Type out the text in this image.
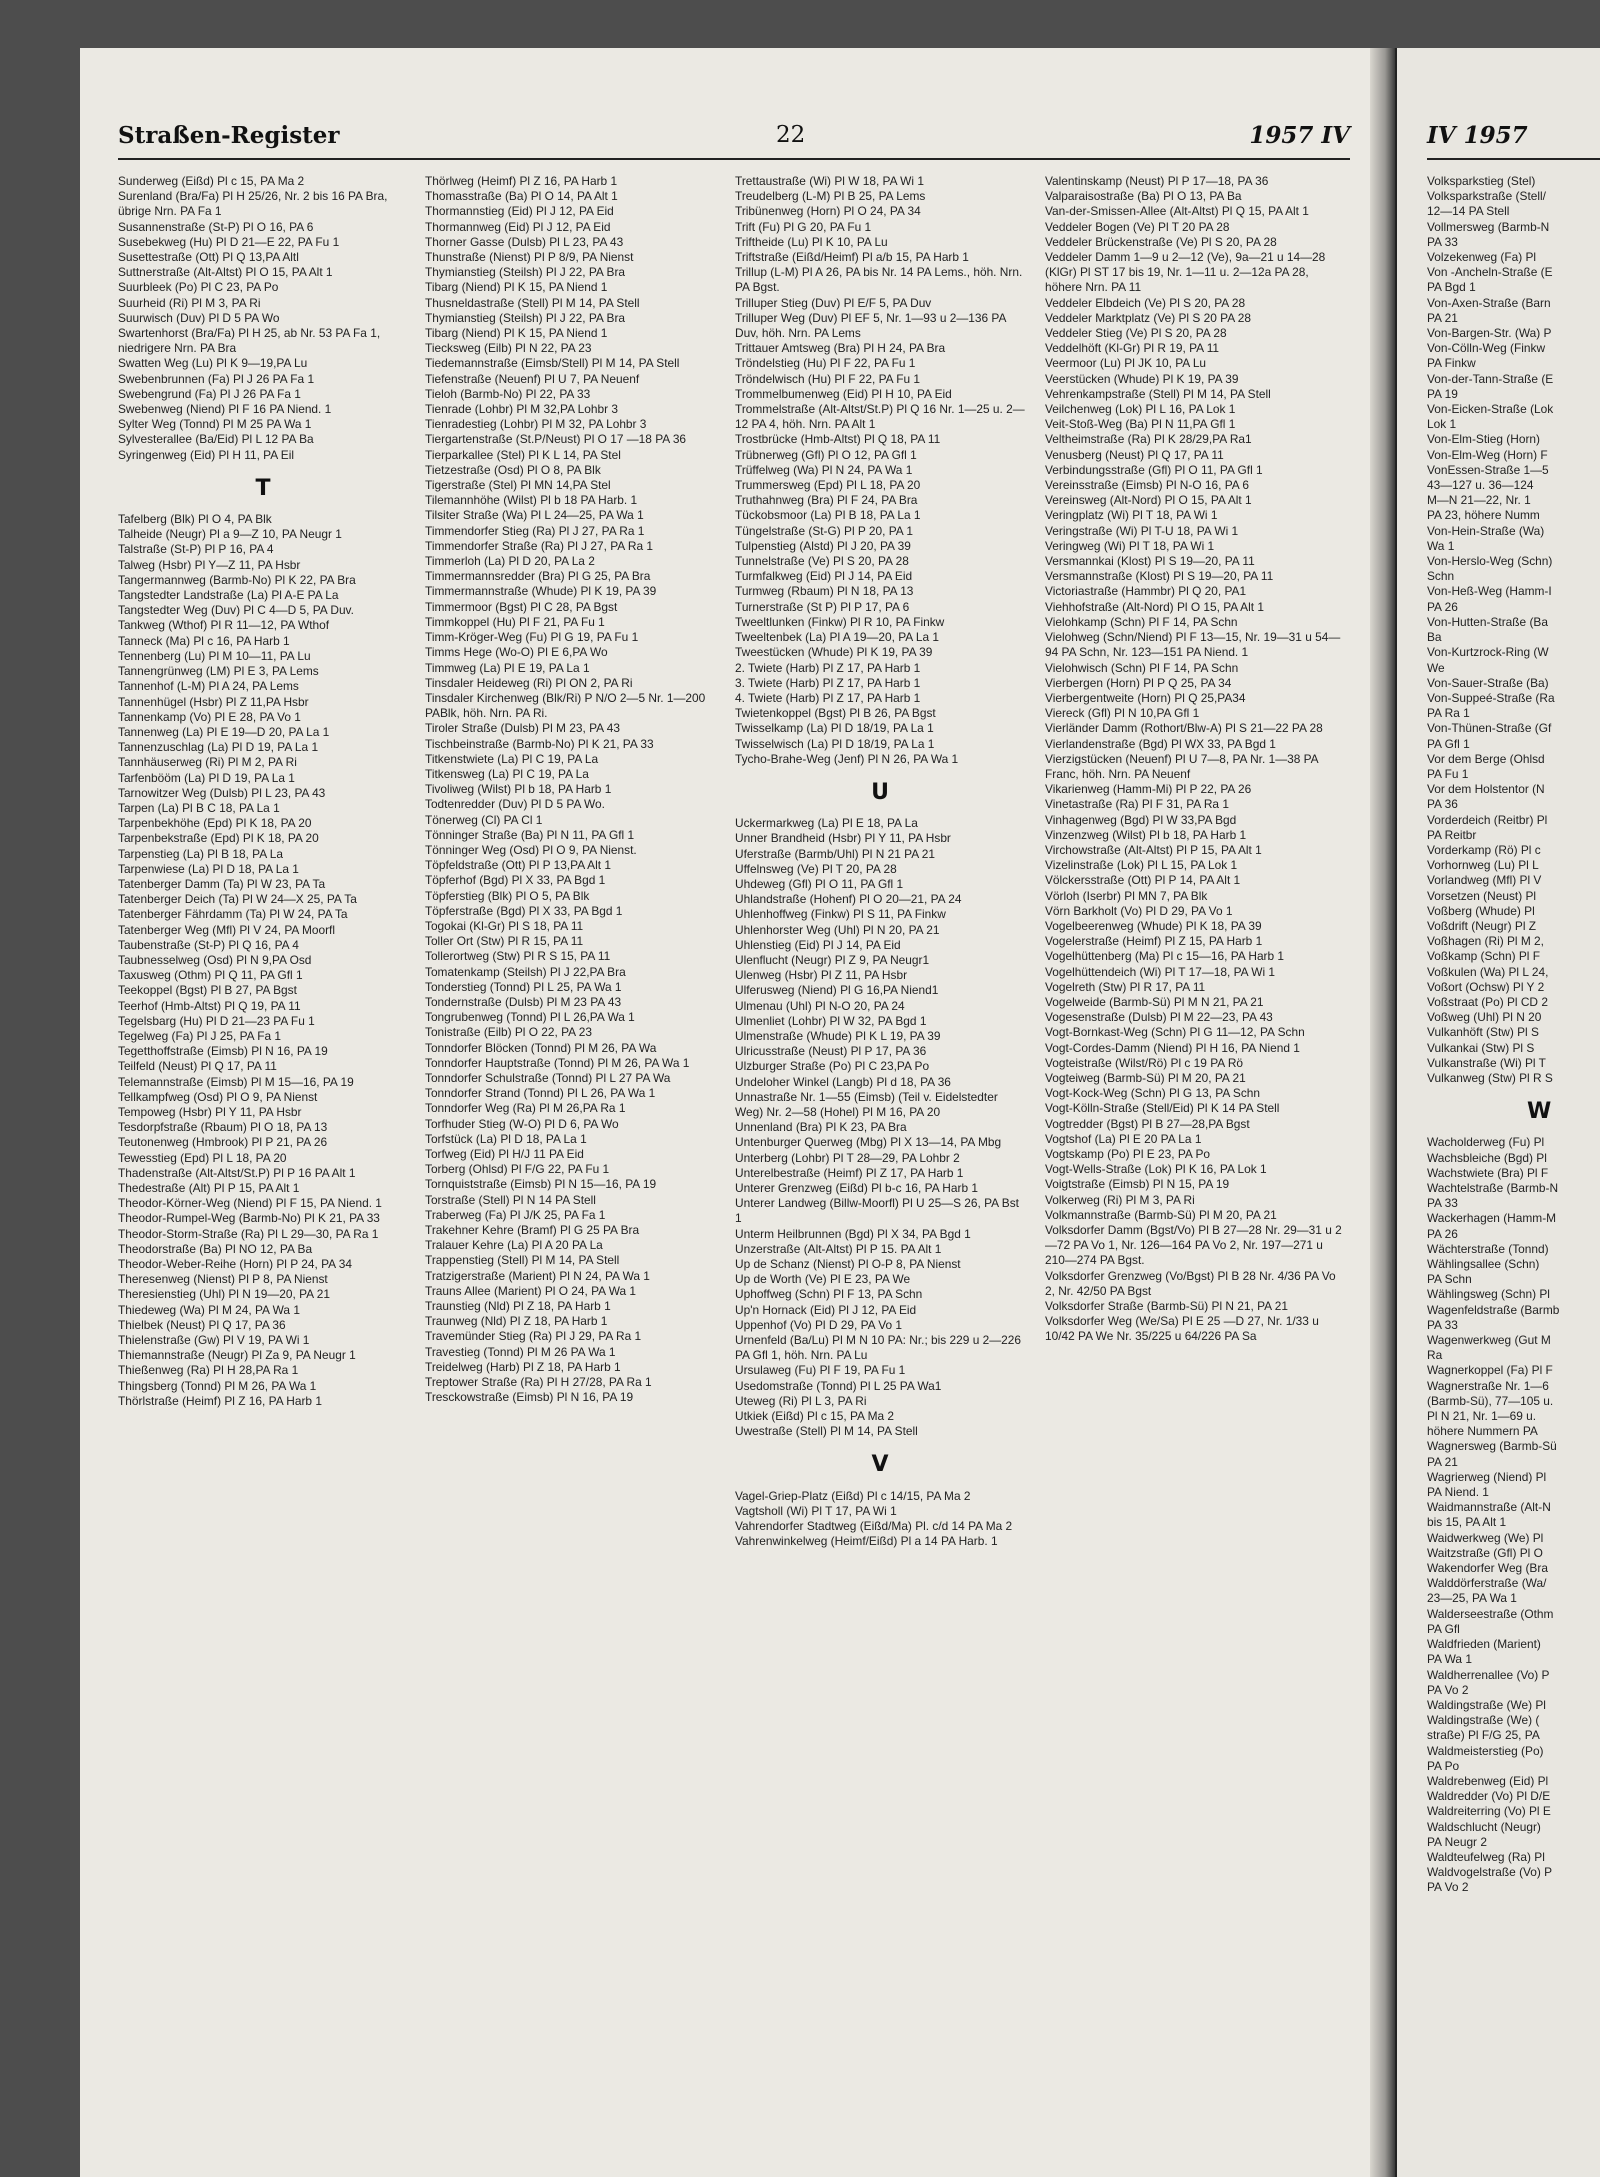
Straßen-Register	22	1957 IV
Sunderweg (Eißd) Pl c 15, PA Ma 2
Surenland (Bra/Fa) Pl H 25/26, Nr. 2 bis 16 PA Bra, übrige Nrn. PA Fa 1
Susannenstraße (St-P) Pl O 16, PA 6
Susebekweg (Hu) Pl D 21—E 22, PA Fu 1
Susettestraße (Ott) Pl Q 13,PA Altl
Suttnerstraße (Alt-Altst) Pl O 15, PA Alt 1
Suurbleek (Po) Pl C 23, PA Po
Suurheid (Ri) Pl M 3, PA Ri
Suurwisch (Duv) Pl D 5 PA Wo
Swartenhorst (Bra/Fa) Pl H 25, ab Nr. 53 PA Fa 1, niedrigere Nrn. PA Bra
Swatten Weg (Lu) Pl K 9—19,PA Lu
Swebenbrunnen (Fa) Pl J 26 PA Fa 1
Swebengrund (Fa) Pl J 26 PA Fa 1
Swebenweg (Niend) Pl F 16 PA Niend. 1
Sylter Weg (Tonnd) Pl M 25 PA Wa 1
Sylvesterallee (Ba/Eid) Pl L 12 PA Ba
Syringenweg (Eid) Pl H 11, PA Eil
T
Tafelberg (Blk) Pl O 4, PA Blk
Talheide (Neugr) Pl a 9—Z 10, PA Neugr 1
Talstraße (St-P) Pl P 16, PA 4
Talweg (Hsbr) Pl Y—Z 11, PA Hsbr
Tangermannweg (Barmb-No) Pl K 22, PA Bra
Tangstedter Landstraße (La) Pl A-E PA La
Tangstedter Weg (Duv) Pl C 4—D 5, PA Duv.
Tankweg (Wthof) Pl R 11—12, PA Wthof
Tanneck (Ma) Pl c 16, PA Harb 1
Tennenberg (Lu) Pl M 10—11, PA Lu
Tannengrünweg (LM) Pl E 3, PA Lems
Tannenhof (L-M) Pl A 24, PA Lems
Tannenhügel (Hsbr) Pl Z 11,PA Hsbr
Tannenkamp (Vo) Pl E 28, PA Vo 1
Tannenweg (La) Pl E 19—D 20, PA La 1
Tannenzuschlag (La) Pl D 19, PA La 1
Tannhäuserweg (Ri) Pl M 2, PA Ri
Tarfenbööm (La) Pl D 19, PA La 1
Tarnowitzer Weg (Dulsb) Pl L 23, PA 43
Tarpen (La) Pl B C 18, PA La 1
Tarpenbekhöhe (Epd) Pl K 18, PA 20
Tarpenbekstraße (Epd) Pl K 18, PA 20
Tarpenstieg (La) Pl B 18, PA La
Tarpenwiese (La) Pl D 18, PA La 1
Tatenberger Damm (Ta) Pl W 23, PA Ta
Tatenberger Deich (Ta) Pl W 24—X 25, PA Ta
Tatenberger Fährdamm (Ta) Pl W 24, PA Ta
Tatenberger Weg (Mfl) Pl V 24, PA Moorfl
Taubenstraße (St-P) Pl Q 16, PA 4
Taubnesselweg (Osd) Pl N 9,PA Osd
Taxusweg (Othm) Pl Q 11, PA Gfl 1
Teekoppel (Bgst) Pl B 27, PA Bgst
Teerhof (Hmb-Altst) Pl Q 19, PA 11
Tegelsbarg (Hu) Pl D 21—23 PA Fu 1
Tegelweg (Fa) Pl J 25, PA Fa 1
Tegetthoffstraße (Eimsb) Pl N 16, PA 19
Teilfeld (Neust) Pl Q 17, PA 11
Telemannstraße (Eimsb) Pl M 15—16, PA 19
Tellkampfweg (Osd) Pl O 9, PA Nienst
Tempoweg (Hsbr) Pl Y 11, PA Hsbr
Tesdorpfstraße (Rbaum) Pl O 18, PA 13
Teutonenweg (Hmbrook) Pl P 21, PA 26
Tewesstieg (Epd) Pl L 18, PA 20
Thadenstraße (Alt-Altst/St.P) Pl P 16 PA Alt 1
Thedestraße (Alt) Pl P 15, PA Alt 1
Theodor-Körner-Weg (Niend) Pl F 15, PA Niend. 1
Theodor-Rumpel-Weg (Barmb-No) Pl K 21, PA 33
Theodor-Storm-Straße (Ra) Pl L 29—30, PA Ra 1
Theodorstraße (Ba) Pl NO 12, PA Ba
Theodor-Weber-Reihe (Horn) Pl P 24, PA 34
Theresenweg (Nienst) Pl P 8, PA Nienst
Theresienstieg (Uhl) Pl N 19—20, PA 21
Thiedeweg (Wa) Pl M 24, PA Wa 1
Thielbek (Neust) Pl Q 17, PA 36
Thielenstraße (Gw) Pl V 19, PA Wi 1
Thiemannstraße (Neugr) Pl Za 9, PA Neugr 1
Thießenweg (Ra) Pl H 28,PA Ra 1
Thingsberg (Tonnd) Pl M 26, PA Wa 1
Thörlstraße (Heimf) Pl Z 16, PA Harb 1
Thörlweg (Heimf) Pl Z 16, PA Harb 1
Thomasstraße (Ba) Pl O 14, PA Alt 1
Thormannstieg (Eid) Pl J 12, PA Eid
Thormannweg (Eid) Pl J 12, PA Eid
Thorner Gasse (Dulsb) Pl L 23, PA 43
Thunstraße (Nienst) Pl P 8/9, PA Nienst
Thymianstieg (Steilsh) Pl J 22, PA Bra
Tibarg (Niend) Pl K 15, PA Niend 1
Thusneldastraße (Stell) Pl M 14, PA Stell
Thymianstieg (Steilsh) Pl J 22, PA Bra
Tibarg (Niend) Pl K 15, PA Niend 1
Tiecksweg (Eilb) Pl N 22, PA 23
Tiedemannstraße (Eimsb/Stell) Pl M 14, PA Stell
Tiefenstraße (Neuenf) Pl U 7, PA Neuenf
Tieloh (Barmb-No) Pl 22, PA 33
Tienrade (Lohbr) Pl M 32,PA Lohbr 3
Tienradestieg (Lohbr) Pl M 32, PA Lohbr 3
Tiergartenstraße (St.P/Neust) Pl O 17 —18 PA 36
Tierparkallee (Stel) Pl K L 14, PA Stel
Tietzestraße (Osd) Pl O 8, PA Blk
Tigerstraße (Stel) Pl MN 14,PA Stel
Tilemannhöhe (Wilst) Pl b 18 PA Harb. 1
Tilsiter Straße (Wa) Pl L 24—25, PA Wa 1
Timmendorfer Stieg (Ra) Pl J 27, PA Ra 1
Timmendorfer Straße (Ra) Pl J 27, PA Ra 1
Timmerloh (La) Pl D 20, PA La 2
Timmermannsredder (Bra) Pl G 25, PA Bra
Timmermannstraße (Whude) Pl K 19, PA 39
Timmermoor (Bgst) Pl C 28, PA Bgst
Timmkoppel (Hu) Pl F 21, PA Fu 1
Timm-Kröger-Weg (Fu) Pl G 19, PA Fu 1
Timms Hege (Wo-O) Pl E 6,PA Wo
Timmweg (La) Pl E 19, PA La 1
Tinsdaler Heideweg (Ri) Pl ON 2, PA Ri
Tinsdaler Kirchenweg (Blk/Ri) P N/O 2—5 Nr. 1—200 PABlk, höh. Nrn. PA Ri.
Tiroler Straße (Dulsb) Pl M 23, PA 43
Tischbeinstraße (Barmb-No) Pl K 21, PA 33
Titkenstwiete (La) Pl C 19, PA La
Titkensweg (La) Pl C 19, PA La
Tivoliweg (Wilst) Pl b 18, PA Harb 1
Todtenredder (Duv) Pl D 5 PA Wo.
Tönerweg (Cl) PA Cl 1
Tönninger Straße (Ba) Pl N 11, PA Gfl 1
Tönninger Weg (Osd) Pl O 9, PA Nienst.
Töpfeldstraße (Ott) Pl P 13,PA Alt 1
Töpferhof (Bgd) Pl X 33, PA Bgd 1
Töpferstieg (Blk) Pl O 5, PA Blk
Töpferstraße (Bgd) Pl X 33, PA Bgd 1
Togokai (Kl-Gr) Pl S 18, PA 11
Toller Ort (Stw) Pl R 15, PA 11
Tollerortweg (Stw) Pl R S 15, PA 11
Tomatenkamp (Steilsh) Pl J 22,PA Bra
Tonderstieg (Tonnd) Pl L 25, PA Wa 1
Tondernstraße (Dulsb) Pl M 23 PA 43
Tongrubenweg (Tonnd) Pl L 26,PA Wa 1
Tonistraße (Eilb) Pl O 22, PA 23
Tonndorfer Blöcken (Tonnd) Pl M 26, PA Wa
Tonndorfer Hauptstraße (Tonnd) Pl M 26, PA Wa 1
Tonndorfer Schulstraße (Tonnd) Pl L 27 PA Wa
Tonndorfer Strand (Tonnd) Pl L 26, PA Wa 1
Tonndorfer Weg (Ra) Pl M 26,PA Ra 1
Torfhuder Stieg (W-O) Pl D 6, PA Wo
Torfstück (La) Pl D 18, PA La 1
Torfweg (Eid) Pl H/J 11 PA Eid
Torberg (Ohlsd) Pl F/G 22, PA Fu 1
Tornquiststraße (Eimsb) Pl N 15—16, PA 19
Torstraße (Stell) Pl N 14 PA Stell
Traberweg (Fa) Pl J/K 25, PA Fa 1
Trakehner Kehre (Bramf) Pl G 25 PA Bra
Tralauer Kehre (La) Pl A 20 PA La
Trappenstieg (Stell) Pl M 14, PA Stell
Tratzigerstraße (Marient) Pl N 24, PA Wa 1
Trauns Allee (Marient) Pl O 24, PA Wa 1
Traunstieg (Nld) Pl Z 18, PA Harb 1
Traunweg (Nld) Pl Z 18, PA Harb 1
Travemünder Stieg (Ra) Pl J 29, PA Ra 1
Travestieg (Tonnd) Pl M 26 PA Wa 1
Treidelweg (Harb) Pl Z 18, PA Harb 1
Treptower Straße (Ra) Pl H 27/28, PA Ra 1
Tresckowstraße (Eimsb) Pl N 16, PA 19
Trettaustraße (Wi) Pl W 18, PA Wi 1
Treudelberg (L-M) Pl B 25, PA Lems
Tribünenweg (Horn) Pl O 24, PA 34
Trift (Fu) Pl G 20, PA Fu 1
Triftheide (Lu) Pl K 10, PA Lu
Triftstraße (Eißd/Heimf) Pl a/b 15, PA Harb 1
Trillup (L-M) Pl A 26, PA bis Nr. 14 PA Lems., höh. Nrn. PA Bgst.
Trilluper Stieg (Duv) Pl E/F 5, PA Duv
Trilluper Weg (Duv) Pl EF 5, Nr. 1—93 u 2—136 PA Duv, höh. Nrn. PA Lems
Trittauer Amtsweg (Bra) Pl H 24, PA Bra
Tröndelstieg (Hu) Pl F 22, PA Fu 1
Tröndelwisch (Hu) Pl F 22, PA Fu 1
Trommelbumenweg (Eid) Pl H 10, PA Eid
Trommelstraße (Alt-Altst/St.P) Pl Q 16 Nr. 1—25 u. 2—12 PA 4, höh. Nrn. PA Alt 1
Trostbrücke (Hmb-Altst) Pl Q 18, PA 11
Trübnerweg (Gfl) Pl O 12, PA Gfl 1
Trüffelweg (Wa) Pl N 24, PA Wa 1
Trummersweg (Epd) Pl L 18, PA 20
Truthahnweg (Bra) Pl F 24, PA Bra
Tückobsmoor (La) Pl B 18, PA La 1
Tüngelstraße (St-G) Pl P 20, PA 1
Tulpenstieg (Alstd) Pl J 20, PA 39
Tunnelstraße (Ve) Pl S 20, PA 28
Turmfalkweg (Eid) Pl J 14, PA Eid
Turmweg (Rbaum) Pl N 18, PA 13
Turnerstraße (St P) Pl P 17, PA 6
Tweeltlunken (Finkw) Pl R 10, PA Finkw
Tweeltenbek (La) Pl A 19—20, PA La 1
Tweestücken (Whude) Pl K 19, PA 39
2. Twiete (Harb) Pl Z 17, PA Harb 1
3. Twiete (Harb) Pl Z 17, PA Harb 1
4. Twiete (Harb) Pl Z 17, PA Harb 1
Twietenkoppel (Bgst) Pl B 26, PA Bgst
Twisselkamp (La) Pl D 18/19, PA La 1
Twisselwisch (La) Pl D 18/19, PA La 1
Tycho-Brahe-Weg (Jenf) Pl N 26, PA Wa 1
U
Uckermarkweg (La) Pl E 18, PA La
Unner Brandheid (Hsbr) Pl Y 11, PA Hsbr
Uferstraße (Barmb/Uhl) Pl N 21 PA 21
Uffelnsweg (Ve) Pl T 20, PA 28
Uhdeweg (Gfl) Pl O 11, PA Gfl 1
Uhlandstraße (Hohenf) Pl O 20—21, PA 24
Uhlenhoffweg (Finkw) Pl S 11, PA Finkw
Uhlenhorster Weg (Uhl) Pl N 20, PA 21
Uhlenstieg (Eid) Pl J 14, PA Eid
Ulenflucht (Neugr) Pl Z 9, PA Neugr1
Ulenweg (Hsbr) Pl Z 11, PA Hsbr
Ulferusweg (Niend) Pl G 16,PA Niend1
Ulmenau (Uhl) Pl N-O 20, PA 24
Ulmenliet (Lohbr) Pl W 32, PA Bgd 1
Ulmenstraße (Whude) Pl K L 19, PA 39
Ulricusstraße (Neust) Pl P 17, PA 36
Ulzburger Straße (Po) Pl C 23,PA Po
Undeloher Winkel (Langb) Pl d 18, PA 36
Unnastraße Nr. 1—55 (Eimsb) (Teil v. Eidelstedter Weg) Nr. 2—58 (Hohel) Pl M 16, PA 20
Unnenland (Bra) Pl K 23, PA Bra
Untenburger Querweg (Mbg) Pl X 13—14, PA Mbg
Unterberg (Lohbr) Pl T 28—29, PA Lohbr 2
Unterelbestraße (Heimf) Pl Z 17, PA Harb 1
Unterer Grenzweg (Eißd) Pl b-c 16, PA Harb 1
Unterer Landweg (Billw-Moorfl) Pl U 25—S 26, PA Bst 1
Unterm Heilbrunnen (Bgd) Pl X 34, PA Bgd 1
Unzerstraße (Alt-Altst) Pl P 15. PA Alt 1
Up de Schanz (Nienst) Pl O-P 8, PA Nienst
Up de Worth (Ve) Pl E 23, PA We
Uphoffweg (Schn) Pl F 13, PA Schn
Up'n Hornack (Eid) Pl J 12, PA Eid
Uppenhof (Vo) Pl D 29, PA Vo 1
Urnenfeld (Ba/Lu) Pl M N 10 PA: Nr.; bis 229 u 2—226 PA Gfl 1, höh. Nrn. PA Lu
Ursulaweg (Fu) Pl F 19, PA Fu 1
Usedomstraße (Tonnd) Pl L 25 PA Wa1
Uteweg (Ri) Pl L 3, PA Ri
Utkiek (Eißd) Pl c 15, PA Ma 2
Uwestraße (Stell) Pl M 14, PA Stell
V
Vagel-Griep-Platz (Eißd) Pl c 14/15, PA Ma 2
Vagtsholl (Wi) Pl T 17, PA Wi 1
Vahrendorfer Stadtweg (Eißd/Ma) Pl. c/d 14 PA Ma 2
Vahrenwinkelweg (Heimf/Eißd) Pl a 14 PA Harb. 1
Valentinskamp (Neust) Pl P 17—18, PA 36
Valparaisostraße (Ba) Pl O 13, PA Ba
Van-der-Smissen-Allee (Alt-Altst) Pl Q 15, PA Alt 1
Veddeler Bogen (Ve) Pl T 20 PA 28
Veddeler Brückenstraße (Ve) Pl S 20, PA 28
Veddeler Damm 1—9 u 2—12 (Ve), 9a—21 u 14—28 (KlGr) Pl ST 17 bis 19, Nr. 1—11 u. 2—12a PA 28, höhere Nrn. PA 11
Veddeler Elbdeich (Ve) Pl S 20, PA 28
Veddeler Marktplatz (Ve) Pl S 20 PA 28
Veddeler Stieg (Ve) Pl S 20, PA 28
Veddelhöft (Kl-Gr) Pl R 19, PA 11
Veermoor (Lu) Pl JK 10, PA Lu
Veerstücken (Whude) Pl K 19, PA 39
Vehrenkampstraße (Stell) Pl M 14, PA Stell
Veilchenweg (Lok) Pl L 16, PA Lok 1
Veit-Stoß-Weg (Ba) Pl N 11,PA Gfl 1
Veltheimstraße (Ra) Pl K 28/29,PA Ra1
Venusberg (Neust) Pl Q 17, PA 11
Verbindungsstraße (Gfl) Pl O 11, PA Gfl 1
Vereinsstraße (Eimsb) Pl N-O 16, PA 6
Vereinsweg (Alt-Nord) Pl O 15, PA Alt 1
Veringplatz (Wi) Pl T 18, PA Wi 1
Veringstraße (Wi) Pl T-U 18, PA Wi 1
Veringweg (Wi) Pl T 18, PA Wi 1
Versmannkai (Klost) Pl S 19—20, PA 11
Versmannstraße (Klost) Pl S 19—20, PA 11
Victoriastraße (Hammbr) Pl Q 20, PA1
Viehhofstraße (Alt-Nord) Pl O 15, PA Alt 1
Vielohkamp (Schn) Pl F 14, PA Schn
Vielohweg (Schn/Niend) Pl F 13—15, Nr. 19—31 u 54—94 PA Schn, Nr. 123—151 PA Niend. 1
Vielohwisch (Schn) Pl F 14, PA Schn
Vierbergen (Horn) Pl P Q 25, PA 34
Vierbergentweite (Horn) Pl Q 25,PA34
Viereck (Gfl) Pl N 10,PA Gfl 1
Vierländer Damm (Rothort/Blw-A) Pl S 21—22 PA 28
Vierlandenstraße (Bgd) Pl WX 33, PA Bgd 1
Vierzigstücken (Neuenf) Pl U 7—8, PA Nr. 1—38 PA Franc, höh. Nrn. PA Neuenf
Vikarienweg (Hamm-Mi) Pl P 22, PA 26
Vinetastraße (Ra) Pl F 31, PA Ra 1
Vinhagenweg (Bgd) Pl W 33,PA Bgd
Vinzenzweg (Wilst) Pl b 18, PA Harb 1
Virchowstraße (Alt-Altst) Pl P 15, PA Alt 1
Vizelinstraße (Lok) Pl L 15, PA Lok 1
Völckersstraße (Ott) Pl P 14, PA Alt 1
Vörloh (Iserbr) Pl MN 7, PA Blk
Vörn Barkholt (Vo) Pl D 29, PA Vo 1
Vogelbeerenweg (Whude) Pl K 18, PA 39
Vogelerstraße (Heimf) Pl Z 15, PA Harb 1
Vogelhüttenberg (Ma) Pl c 15—16, PA Harb 1
Vogelhüttendeich (Wi) Pl T 17—18, PA Wi 1
Vogelreth (Stw) Pl R 17, PA 11
Vogelweide (Barmb-Sü) Pl M N 21, PA 21
Vogesenstraße (Dulsb) Pl M 22—23, PA 43
Vogt-Bornkast-Weg (Schn) Pl G 11—12, PA Schn
Vogt-Cordes-Damm (Niend) Pl H 16, PA Niend 1
Vogteistraße (Wilst/Rö) Pl c 19 PA Rö
Vogteiweg (Barmb-Sü) Pl M 20, PA 21
Vogt-Kock-Weg (Schn) Pl G 13, PA Schn
Vogt-Kölln-Straße (Stell/Eid) Pl K 14 PA Stell
Vogtredder (Bgst) Pl B 27—28,PA Bgst
Vogtshof (La) Pl E 20 PA La 1
Vogtskamp (Po) Pl E 23, PA Po
Vogt-Wells-Straße (Lok) Pl K 16, PA Lok 1
Voigtstraße (Eimsb) Pl N 15, PA 19
Volkerweg (Ri) Pl M 3, PA Ri
Volkmannstraße (Barmb-Sü) Pl M 20, PA 21
Volksdorfer Damm (Bgst/Vo) Pl B 27—28 Nr. 29—31 u 2—72 PA Vo 1, Nr. 126—164 PA Vo 2, Nr. 197—271 u 210—274 PA Bgst.
Volksdorfer Grenzweg (Vo/Bgst) Pl B 28 Nr. 4/36 PA Vo 2, Nr. 42/50 PA Bgst
Volksdorfer Straße (Barmb-Sü) Pl N 21, PA 21
Volksdorfer Weg (We/Sa) Pl E 25 —D 27, Nr. 1/33 u 10/42 PA We Nr. 35/225 u 64/226 PA Sa
IV 1957
Volksparkstieg (Stel)
Volksparkstraße (Stell/
12—14 PA Stell
Vollmersweg (Barmb-N
PA 33
Volzekenweg (Fa) Pl
Von -Ancheln-Straße (E
PA Bgd 1
Von-Axen-Straße (Barn
PA 21
Von-Bargen-Str. (Wa) P
Von-Cölln-Weg (Finkw
PA Finkw
Von-der-Tann-Straße (E
PA 19
Von-Eicken-Straße (Lok
Lok 1
Von-Elm-Stieg (Horn)
Von-Elm-Weg (Horn) F
VonEssen-Straße 1—5
43—127 u. 36—124
M—N 21—22, Nr. 1
PA 23, höhere Numm
Von-Hein-Straße (Wa)
Wa 1
Von-Herslo-Weg (Schn)
Schn
Von-Heß-Weg (Hamm-I
PA 26
Von-Hutten-Straße (Ba
Ba
Von-Kurtzrock-Ring (W
We
Von-Sauer-Straße (Ba)
Von-Suppeé-Straße (Ra
PA Ra 1
Von-Thünen-Straße (Gf
PA Gfl 1
Vor dem Berge (Ohlsd
PA Fu 1
Vor dem Holstentor (N
PA 36
Vorderdeich (Reitbr) Pl
PA Reitbr
Vorderkamp (Rö) Pl c
Vorhornweg (Lu) Pl L
Vorlandweg (Mfl) Pl V
Vorsetzen (Neust) Pl
Voßberg (Whude) Pl
Voßdrift (Neugr) Pl Z
Voßhagen (Ri) Pl M 2,
Voßkamp (Schn) Pl F
Voßkulen (Wa) Pl L 24,
Voßort (Ochsw) Pl Y 2
Voßstraat (Po) Pl CD 2
Voßweg (Uhl) Pl N 20
Vulkanhöft (Stw) Pl S
Vulkankai (Stw) Pl S
Vulkanstraße (Wi) Pl T
Vulkanweg (Stw) Pl R S
W
Wacholderweg (Fu) Pl
Wachsbleiche (Bgd) Pl
Wachstwiete (Bra) Pl F
Wachtelstraße (Barmb-N
PA 33
Wackerhagen (Hamm-M
PA 26
Wächterstraße (Tonnd)
Wählingsallee (Schn)
PA Schn
Wählingsweg (Schn) Pl
Wagenfeldstraße (Barmb
PA 33
Wagenwerkweg (Gut M
Ra
Wagnerkoppel (Fa) Pl F
Wagnerstraße Nr. 1—6
(Barmb-Sü), 77—105 u.
Pl N 21, Nr. 1—69 u.
höhere Nummern PA
Wagnersweg (Barmb-Sü
PA 21
Wagrierweg (Niend) Pl
PA Niend. 1
Waidmannstraße (Alt-N
bis 15, PA Alt 1
Waidwerkweg (We) Pl
Waitzstraße (Gfl) Pl O
Wakendorfer Weg (Bra
Walddörferstraße (Wa/
23—25, PA Wa 1
Walderseestraße (Othm
PA Gfl
Waldfrieden (Marient)
PA Wa 1
Waldherrenallee (Vo) P
PA Vo 2
Waldingstraße (We) Pl
Waldingstraße (We) (
straße) Pl F/G 25, PA
Waldmeisterstieg (Po)
PA Po
Waldrebenweg (Eid) Pl
Waldredder (Vo) Pl D/E
Waldreiterring (Vo) Pl E
Waldschlucht (Neugr)
PA Neugr 2
Waldteufelweg (Ra) Pl
Waldvogelstraße (Vo) P
PA Vo 2
